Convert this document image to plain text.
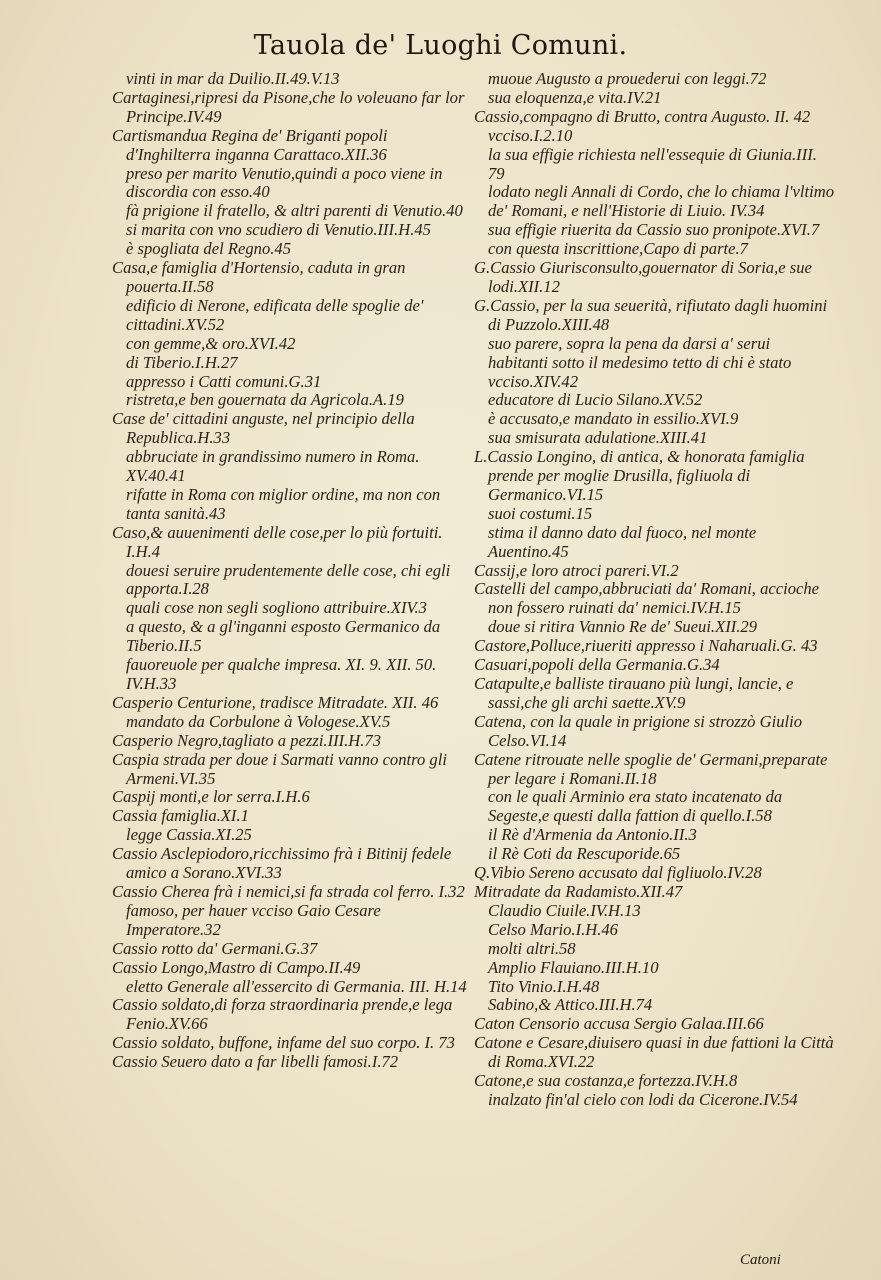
Tauola de' Luoghi Comuni.

vinti in mar da Duilio.II.49.V.13

Cartaginesi,ripresi da Pisone,che lo voleuano far lor Principe.IV.49

Cartismandua Regina de' Briganti popoli d'Inghilterra inganna Carattaco.XII.36

preso per marito Venutio,quindi a poco viene in discordia con esso.40

fà prigione il fratello, & altri parenti di Venutio.40

si marita con vno scudiero di Venutio.III.H.45

è spogliata del Regno.45

Casa,e famiglia d'Hortensio, caduta in gran pouerta.II.58

edificio di Nerone, edificata delle spoglie de' cittadini.XV.52

con gemme,& oro.XVI.42

di Tiberio.I.H.27

appresso i Catti comuni.G.31

ristreta,e ben gouernata da Agricola.A.19

Case de' cittadini anguste, nel principio della Republica.H.33

abbruciate in grandissimo numero in Roma. XV.40.41

rifatte in Roma con miglior ordine, ma non con tanta sanità.43

Caso,& auuenimenti delle cose,per lo più fortuiti. I.H.4

douesi seruire prudentemente delle cose, chi egli apporta.I.28

quali cose non segli sogliono attribuire.XIV.3

a questo, & a gl'inganni esposto Germanico da Tiberio.II.5

fauoreuole per qualche impresa. XI. 9. XII. 50. IV.H.33

Casperio Centurione, tradisce Mitradate. XII. 46

mandato da Corbulone à Vologese.XV.5

Casperio Negro,tagliato a pezzi.III.H.73

Caspia strada per doue i Sarmati vanno contro gli Armeni.VI.35

Caspij monti,e lor serra.I.H.6

Cassia famiglia.XI.1

legge Cassia.XI.25

Cassio Asclepiodoro,ricchissimo frà i Bitinij fedele amico a Sorano.XVI.33

Cassio Cherea frà i nemici,si fa strada col ferro. I.32

famoso, per hauer vcciso Gaio Cesare Imperatore.32

Cassio rotto da' Germani.G.37

Cassio Longo,Mastro di Campo.II.49

eletto Generale all'essercito di Germania. III. H.14

Cassio soldato,di forza straordinaria prende,e lega Fenio.XV.66

Cassio soldato, buffone, infame del suo corpo. I. 73

Cassio Seuero dato a far libelli famosi.I.72

muoue Augusto a prouederui con leggi.72

sua eloquenza,e vita.IV.21

Cassio,compagno di Brutto, contra Augusto. II. 42

vcciso.I.2.10

la sua effigie richiesta nell'essequie di Giunia.III. 79

lodato negli Annali di Cordo, che lo chiama l'vltimo de' Romani, e nell'Historie di Liuio. IV.34

sua effigie riuerita da Cassio suo pronipote.XVI.7

con questa inscrittione,Capo di parte.7

G.Cassio Giurisconsulto,gouernator di Soria,e sue lodi.XII.12

G.Cassio, per la sua seuerità, rifiutato dagli huomini di Puzzolo.XIII.48

suo parere, sopra la pena da darsi a' serui habitanti sotto il medesimo tetto di chi è stato vcciso.XIV.42

educatore di Lucio Silano.XV.52

è accusato,e mandato in essilio.XVI.9

sua smisurata adulatione.XIII.41

L.Cassio Longino, di antica, & honorata famiglia prende per moglie Drusilla, figliuola di Germanico.VI.15

suoi costumi.15

stima il danno dato dal fuoco, nel monte Auentino.45

Cassij,e loro atroci pareri.VI.2

Castelli del campo,abbruciati da' Romani, accioche non fossero ruinati da' nemici.IV.H.15

doue si ritira Vannio Re de' Sueui.XII.29

Castore,Polluce,riueriti appresso i Naharuali.G. 43

Casuari,popoli della Germania.G.34

Catapulte,e balliste tirauano più lungi, lancie, e sassi,che gli archi saette.XV.9

Catena, con la quale in prigione si strozzò Giulio Celso.VI.14

Catene ritrouate nelle spoglie de' Germani,preparate per legare i Romani.II.18

con le quali Arminio era stato incatenato da Segeste,e questi dalla fattion di quello.I.58

il Rè d'Armenia da Antonio.II.3

il Rè Coti da Rescuporide.65

Q.Vibio Sereno accusato dal figliuolo.IV.28

Mitradate da Radamisto.XII.47

Claudio Ciuile.IV.H.13

Celso Mario.I.H.46

molti altri.58

Amplio Flauiano.III.H.10

Tito Vinio.I.H.48

Sabino,& Attico.III.H.74

Caton Censorio accusa Sergio Galaa.III.66

Catone e Cesare,diuisero quasi in due fattioni la Città di Roma.XVI.22

Catone,e sua costanza,e fortezza.IV.H.8

inalzato fin'al cielo con lodi da Cicerone.IV.54

Catoni
